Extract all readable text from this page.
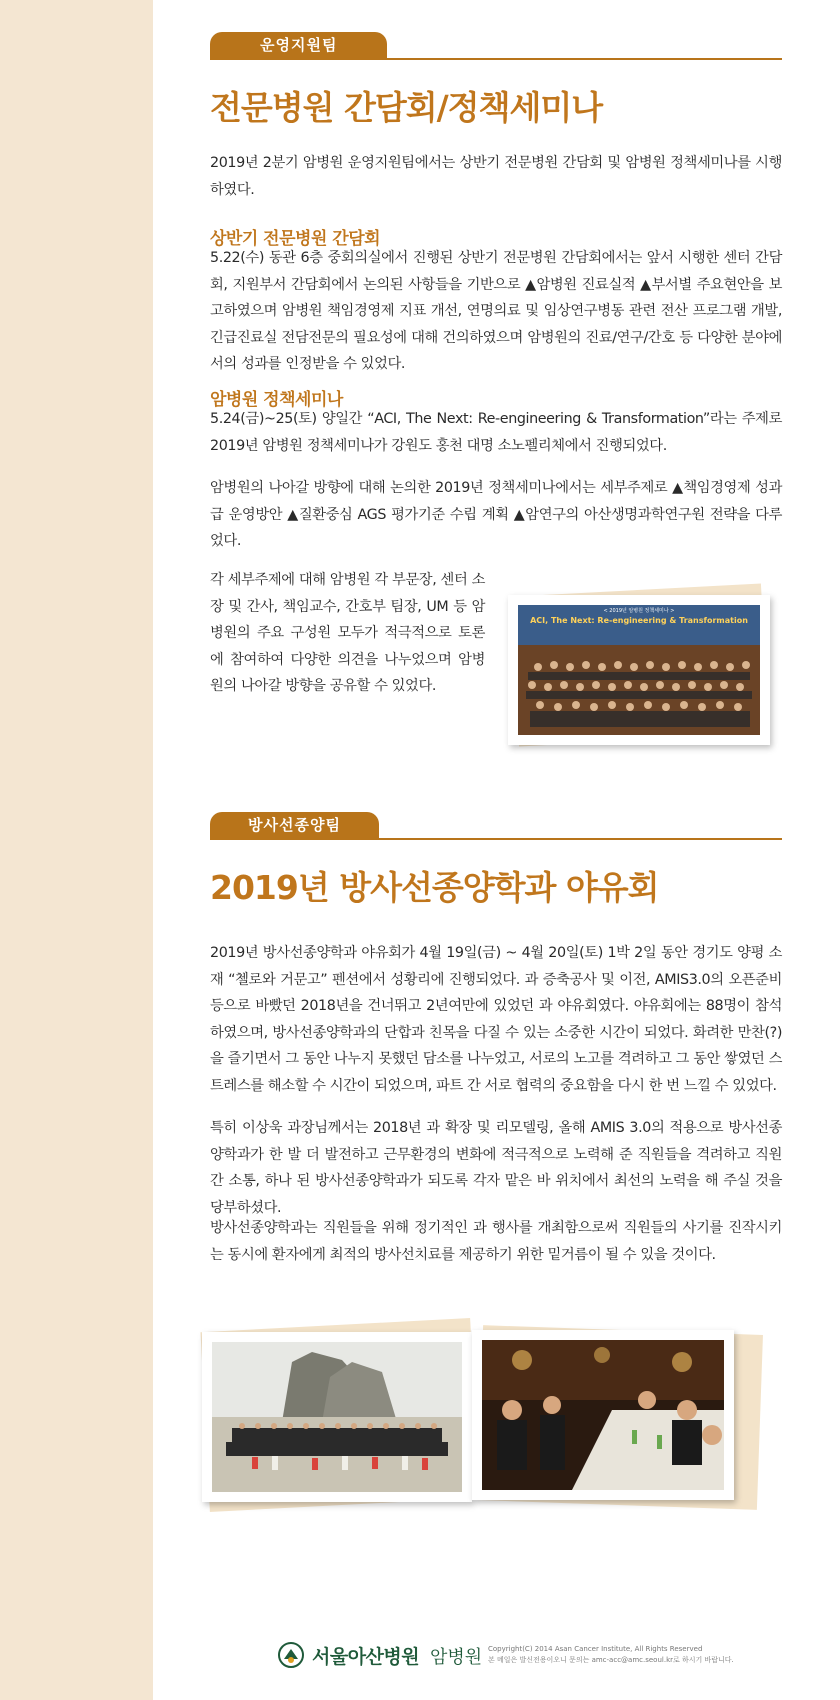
운영지원팀
전문병원 간담회/정책세미나

2019년 2분기 암병원 운영지원팀에서는 상반기 전문병원 간담회 및 암병원 정책세미나를 시행하였다.

상반기 전문병원 간담회

5.22(수) 동관 6층 중회의실에서 진행된 상반기 전문병원 간담회에서는 앞서 시행한 센터 간담회, 지원부서 간담회에서 논의된 사항들을 기반으로 ▲암병원 진료실적 ▲부서별 주요현안을 보고하였으며 암병원 책임경영제 지표 개선, 연명의료 및 임상연구병동 관련 전산 프로그램 개발, 긴급진료실 전담전문의 필요성에 대해 건의하였으며 암병원의 진료/연구/간호 등 다양한 분야에서의 성과를 인정받을 수 있었다.

암병원 정책세미나

5.24(금)~25(토) 양일간 “ACI, The Next: Re-engineering & Transformation”라는 주제로 2019년 암병원 정책세미나가 강원도 홍천 대명 소노펠리체에서 진행되었다.

암병원의 나아갈 방향에 대해 논의한 2019년 정책세미나에서는 세부주제로 ▲책임경영제 성과급 운영방안 ▲질환중심 AGS 평가기준 수립 계획 ▲암연구의 아산생명과학연구원 전략을 다루었다.

각 세부주제에 대해 암병원 각 부문장, 센터 소장 및 간사, 책임교수, 간호부 팀장, UM 등 암병원의 주요 구성원 모두가 적극적으로 토론에 참여하여 다양한 의견을 나누었으며 암병원의 나아갈 방향을 공유할 수 있었다.

< 2019년 암병원 정책세미나 >
ACI, The Next: Re-engineering & Transformation
방사선종양팀
2019년 방사선종양학과 야유회

2019년 방사선종양학과 야유회가 4월 19일(금) ~ 4월 20일(토) 1박 2일 동안 경기도 양평 소재 “첼로와 거문고” 펜션에서 성황리에 진행되었다. 과 증축공사 및 이전, AMIS3.0의 오픈준비 등으로 바빴던 2018년을 건너뛰고 2년여만에 있었던 과 야유회였다. 야유회에는 88명이 참석하였으며, 방사선종양학과의 단합과 친목을 다질 수 있는 소중한 시간이 되었다. 화려한 만찬(?)을 즐기면서 그 동안 나누지 못했던 담소를 나누었고, 서로의 노고를 격려하고 그 동안 쌓였던 스트레스를 해소할 수 시간이 되었으며, 파트 간 서로 협력의 중요함을 다시 한 번 느낄 수 있었다.

특히 이상욱 과장님께서는 2018년 과 확장 및 리모델링, 올해 AMIS 3.0의 적용으로 방사선종양학과가 한 발 더 발전하고 근무환경의 변화에 적극적으로 노력해 준 직원들을 격려하고 직원간 소통, 하나 된 방사선종양학과가 되도록 각자 맡은 바 위치에서 최선의 노력을 해 주실 것을 당부하셨다.

방사선종양학과는 직원들을 위해 정기적인 과 행사를 개최함으로써 직원들의 사기를 진작시키는 동시에 환자에게 최적의 방사선치료를 제공하기 위한 밑거름이 될 수 있을 것이다.

서울아산병원 암병원 Copyright(C) 2014 Asan Cancer Institute, All Rights Reserved
본 메일은 발신전용이오니 문의는 amc-acc@amc.seoul.kr로 하시기 바랍니다.
